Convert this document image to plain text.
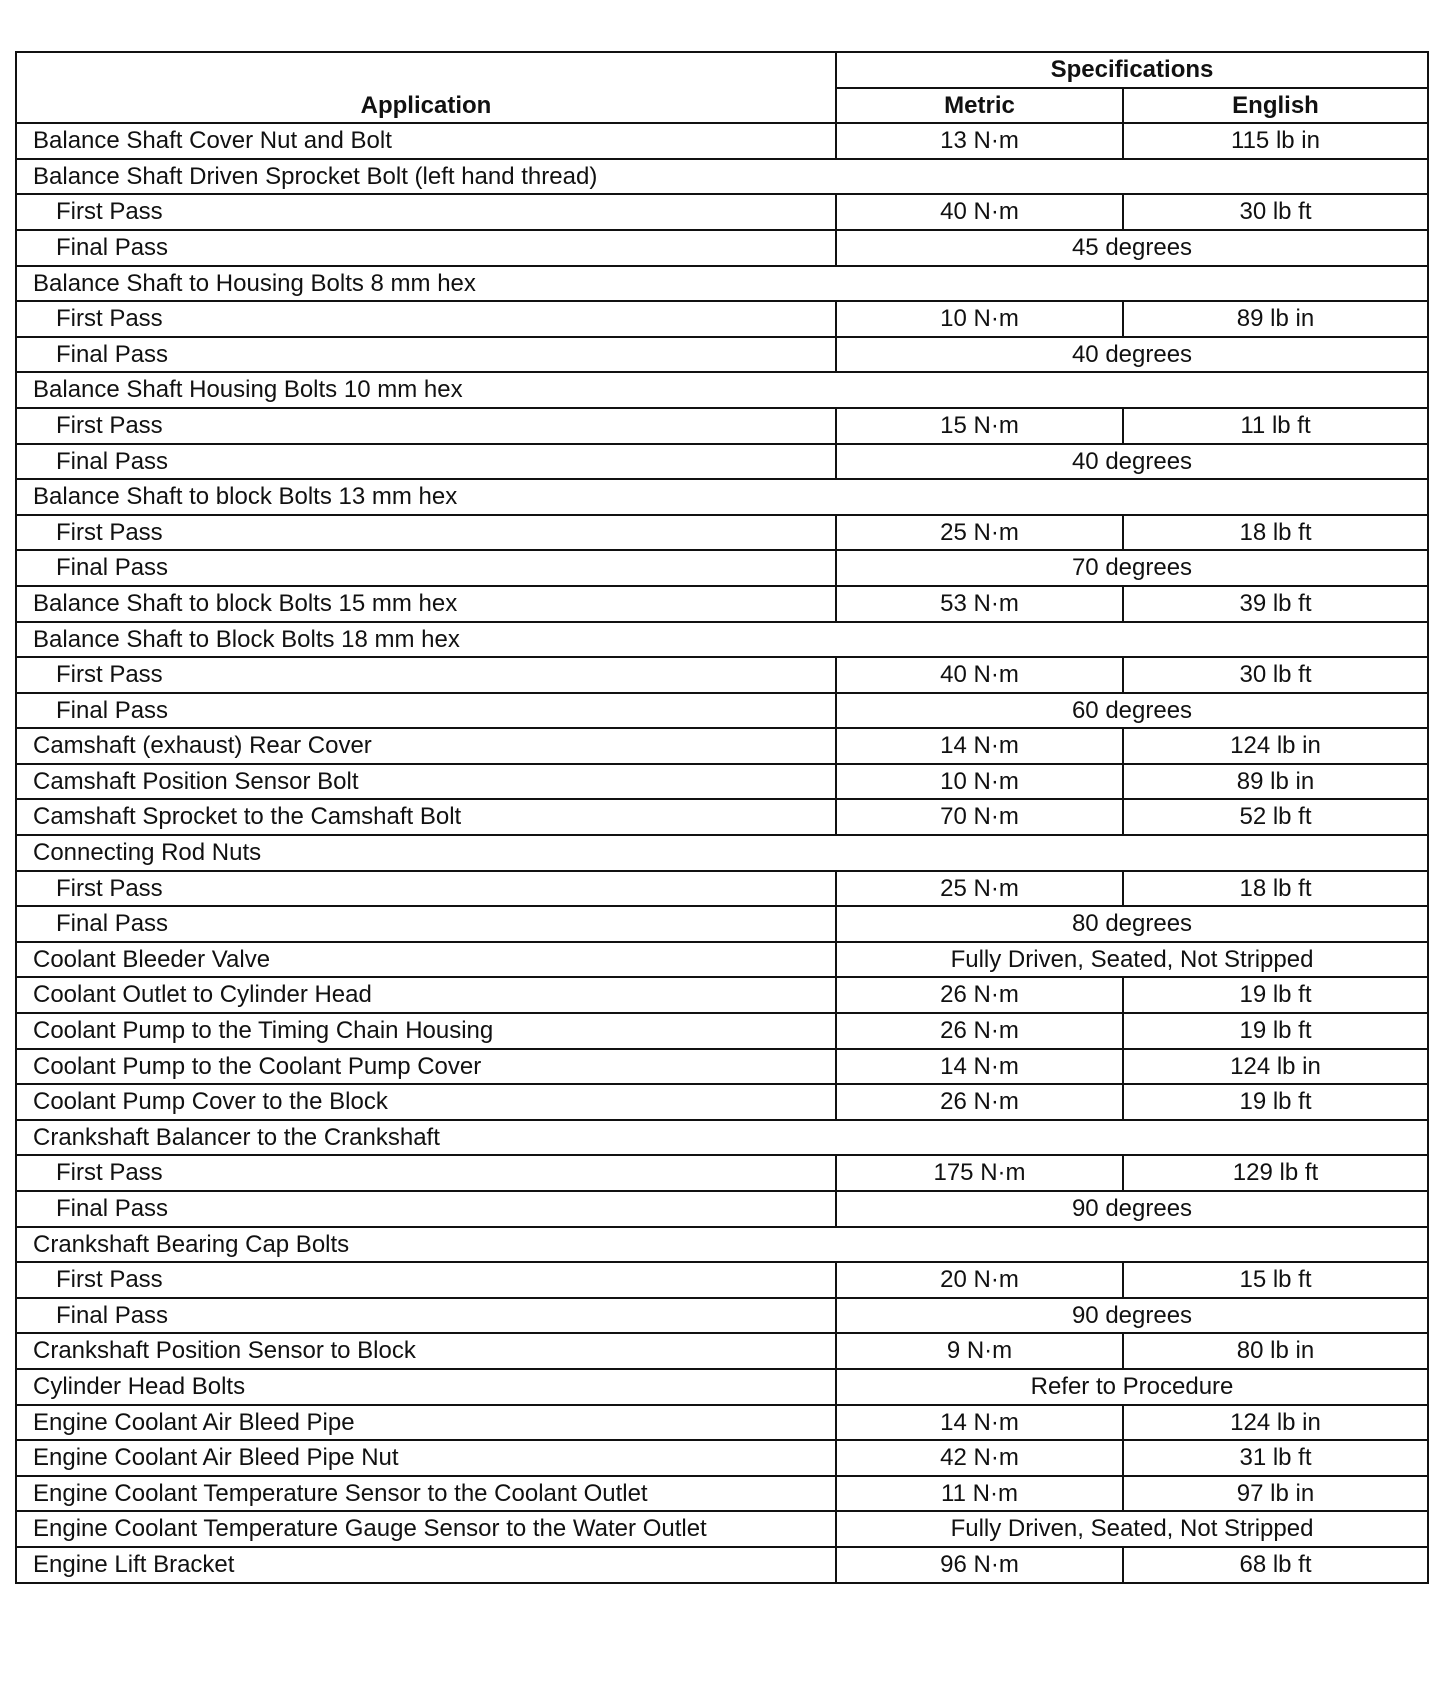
Application	Specifications	
	Metric	English
Balance Shaft Cover Nut and Bolt	13 N·m	115 lb in
Balance Shaft Driven Sprocket Bolt (left hand thread)		
First Pass	40 N·m	30 lb ft
Final Pass	45 degrees	
Balance Shaft to Housing Bolts 8 mm hex		
First Pass	10 N·m	89 lb in
Final Pass	40 degrees	
Balance Shaft Housing Bolts 10 mm hex		
First Pass	15 N·m	11 lb ft
Final Pass	40 degrees	
Balance Shaft to block Bolts 13 mm hex		
First Pass	25 N·m	18 lb ft
Final Pass	70 degrees	
Balance Shaft to block Bolts 15 mm hex	53 N·m	39 lb ft
Balance Shaft to Block Bolts 18 mm hex		
First Pass	40 N·m	30 lb ft
Final Pass	60 degrees	
Camshaft (exhaust) Rear Cover	14 N·m	124 lb in
Camshaft Position Sensor Bolt	10 N·m	89 lb in
Camshaft Sprocket to the Camshaft Bolt	70 N·m	52 lb ft
Connecting Rod Nuts		
First Pass	25 N·m	18 lb ft
Final Pass	80 degrees	
Coolant Bleeder Valve	Fully Driven, Seated, Not Stripped	
Coolant Outlet to Cylinder Head	26 N·m	19 lb ft
Coolant Pump to the Timing Chain Housing	26 N·m	19 lb ft
Coolant Pump to the Coolant Pump Cover	14 N·m	124 lb in
Coolant Pump Cover to the Block	26 N·m	19 lb ft
Crankshaft Balancer to the Crankshaft		
First Pass	175 N·m	129 lb ft
Final Pass	90 degrees	
Crankshaft Bearing Cap Bolts		
First Pass	20 N·m	15 lb ft
Final Pass	90 degrees	
Crankshaft Position Sensor to Block	9 N·m	80 lb in
Cylinder Head Bolts	Refer to Procedure	
Engine Coolant Air Bleed Pipe	14 N·m	124 lb in
Engine Coolant Air Bleed Pipe Nut	42 N·m	31 lb ft
Engine Coolant Temperature Sensor to the Coolant Outlet	11 N·m	97 lb in
Engine Coolant Temperature Gauge Sensor to the Water Outlet	Fully Driven, Seated, Not Stripped	
Engine Lift Bracket	96 N·m	68 lb ft
